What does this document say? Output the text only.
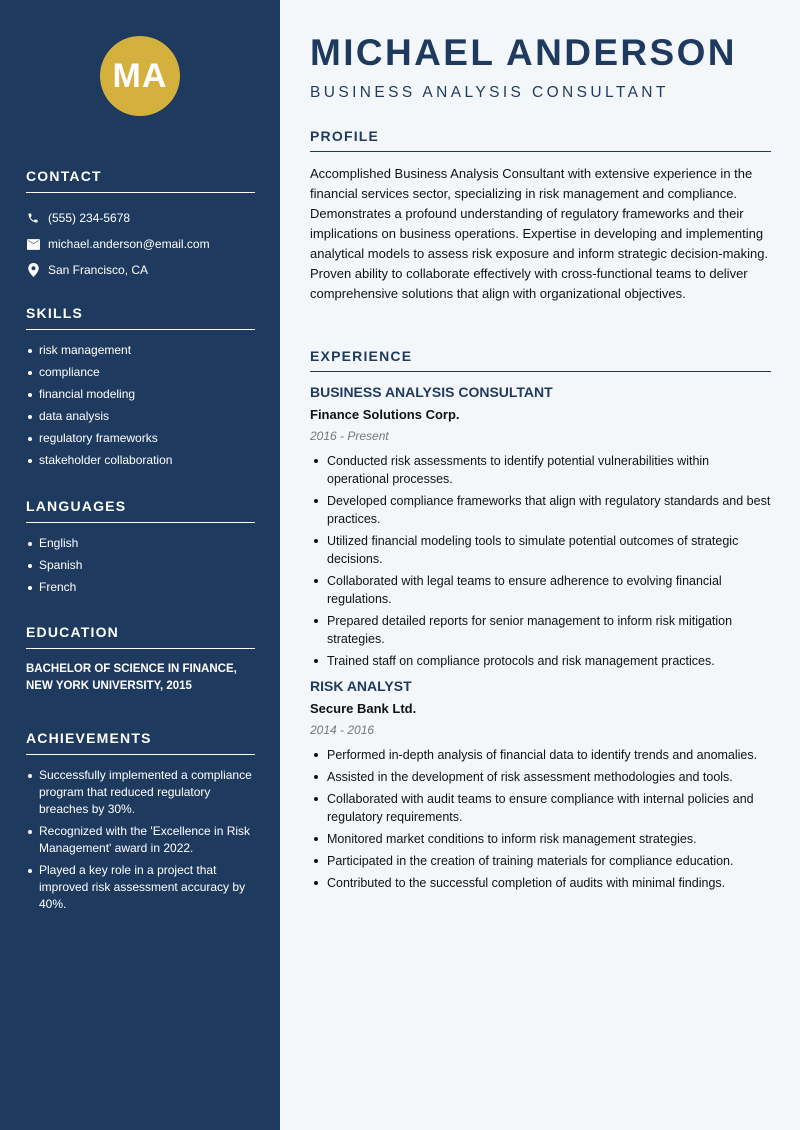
MA
CONTACT
(555) 234-5678
michael.anderson@email.com
San Francisco, CA
SKILLS
risk management
compliance
financial modeling
data analysis
regulatory frameworks
stakeholder collaboration
LANGUAGES
English
Spanish
French
EDUCATION
BACHELOR OF SCIENCE IN FINANCE,
NEW YORK UNIVERSITY, 2015
ACHIEVEMENTS
Successfully implemented a compliance program that reduced regulatory breaches by 30%.
Recognized with the 'Excellence in Risk Management' award in 2022.
Played a key role in a project that improved risk assessment accuracy by 40%.
MICHAEL ANDERSON
BUSINESS ANALYSIS CONSULTANT
PROFILE

Accomplished Business Analysis Consultant with extensive experience in the financial services sector, specializing in risk management and compliance. Demonstrates a profound understanding of regulatory frameworks and their implications on business operations. Expertise in developing and implementing analytical models to assess risk exposure and inform strategic decision-making. Proven ability to collaborate effectively with cross-functional teams to deliver comprehensive solutions that align with organizational objectives.

EXPERIENCE
BUSINESS ANALYSIS CONSULTANT
Finance Solutions Corp.
2016 - Present
Conducted risk assessments to identify potential vulnerabilities within operational processes.
Developed compliance frameworks that align with regulatory standards and best practices.
Utilized financial modeling tools to simulate potential outcomes of strategic decisions.
Collaborated with legal teams to ensure adherence to evolving financial regulations.
Prepared detailed reports for senior management to inform risk mitigation strategies.
Trained staff on compliance protocols and risk management practices.
RISK ANALYST
Secure Bank Ltd.
2014 - 2016
Performed in-depth analysis of financial data to identify trends and anomalies.
Assisted in the development of risk assessment methodologies and tools.
Collaborated with audit teams to ensure compliance with internal policies and regulatory requirements.
Monitored market conditions to inform risk management strategies.
Participated in the creation of training materials for compliance education.
Contributed to the successful completion of audits with minimal findings.
